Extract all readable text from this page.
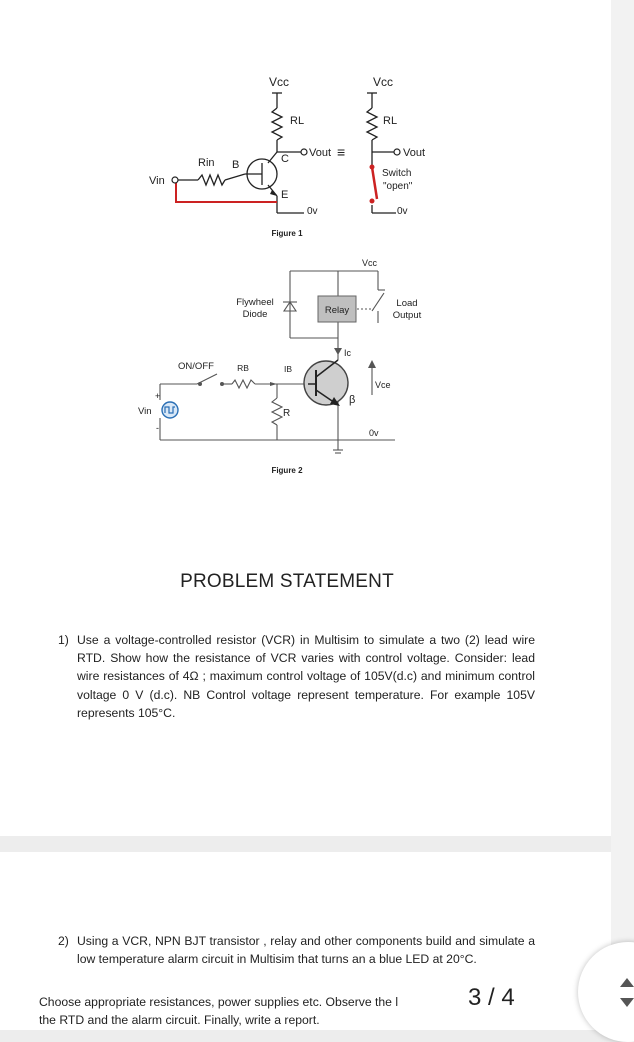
Vcc	Vcc
RL	RL
Vout ≡	Vout
Rin B	C
E
Vin
0v	0v
Switch
"open"
Figure 1
Vcc
Flywheel
Diode	Relay
Load
Output
Ic
ON/OFF	RB	IB
Vce
β
Vin
+
-
R
0v
Figure 2
PROBLEM STATEMENT
1) Use a voltage-controlled resistor (VCR) in Multisim to simulate a two (2) lead wire RTD. Show how the resistance of VCR varies with control voltage. Consider: lead wire resistances of 4Ω ; maximum control voltage of 105V(d.c) and minimum control voltage 0 V (d.c). NB Control voltage represent temperature. For example 105V represents 105°C.
2) Using a VCR, NPN BJT transistor , relay and other components build and simulate a low temperature alarm circuit in Multisim that turns an a blue LED at 20°C.
Choose appropriate resistances, power supplies etc. Observe the l
the RTD and the alarm circuit. Finally, write a report.
3 / 4
